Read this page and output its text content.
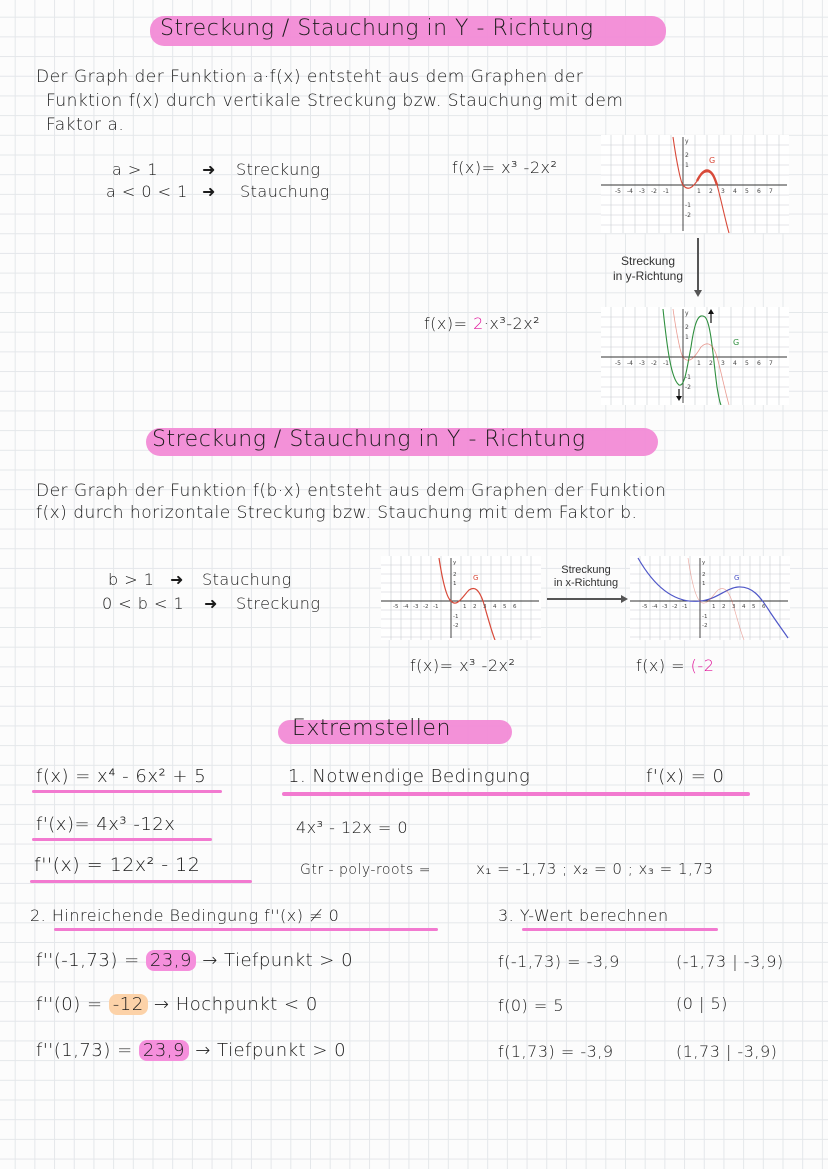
Streckung / Stauchung in Y - Richtung
Der Graph der Funktion a·f(x) entsteht aus dem Graphen der
Funktion f(x) durch vertikale Streckung bzw. Stauchung mit dem
Faktor a.
a > 1	➜ Streckung
a < 0 < 1 ➜ Stauchung
f(x)= x³ -2x²	G
-5 -4 -3 -2 -1	1 2 3 4 5 6 7
2
1
-1
-2
y
Streckung
in y-Richtung
f(x)= 2·x³-2x²
G
-5 -4 -3 -2 -1	1 2 3 4 5 6 7
2
1
-1
-2
y
Streckung / Stauchung in Y - Richtung
Der Graph der Funktion f(b·x) entsteht aus dem Graphen der Funktion
f(x) durch horizontale Streckung bzw. Stauchung mit dem Faktor b.
b > 1 ➜ Stauchung
0 < b < 1 ➜ Streckung
G
-5 -4 -3 -2 -1	1 2 3 4 5 6
2
1
-1
-2
y
Streckung
in x-Richtung	G
-5 -4 -3 -2 -1	1 2 3 4 5 6
2
1
-1
-2
y
f(x)= x³ -2x²	f(x) = (-2
Extremstellen
f(x) = x⁴ - 6x² + 5
f'(x)= 4x³ -12x
f''(x) = 12x² - 12
1. Notwendige Bedingung	f'(x) = 0
4x³ - 12x = 0
Gtr - poly-roots =	x₁ = -1,73 ; x₂ = 0 ; x₃ = 1,73
2. Hinreichende Bedingung f''(x) ≠ 0
f''(-1,73) = 23,9 → Tiefpunkt > 0
f''(0) = -12 → Hochpunkt < 0
f''(1,73) = 23,9 → Tiefpunkt > 0
3. Y-Wert berechnen
f(-1,73) = -3,9	(-1,73 | -3,9)
f(0) = 5	(0 | 5)
f(1,73) = -3,9	(1,73 | -3,9)
